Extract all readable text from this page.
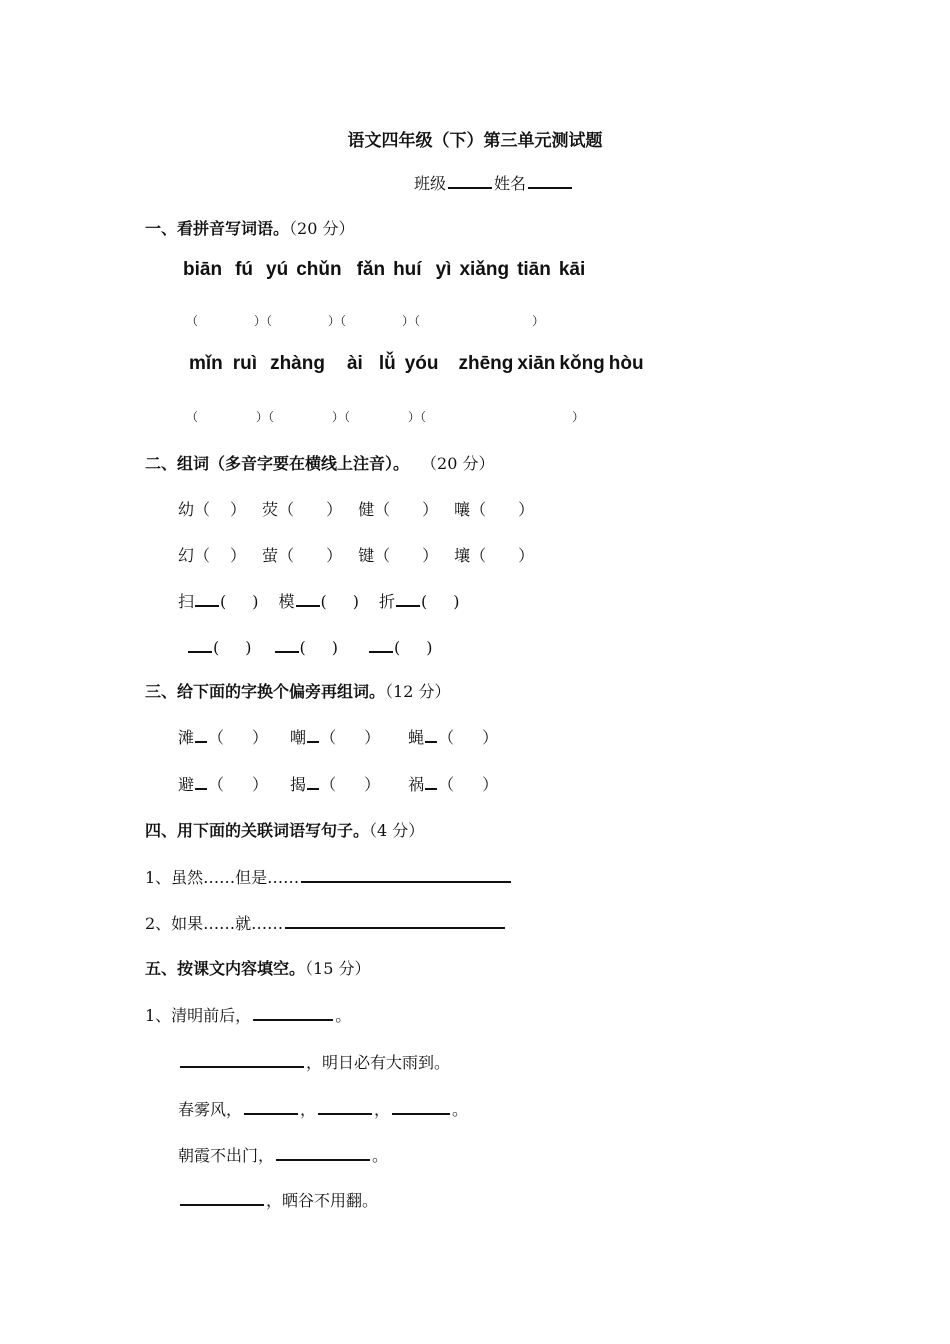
语文四年级（下）第三单元测试题
班级	姓名
一、看拼音写词语。（20 分）
biān fú yú chǔn fǎn huí yì xiǎng tiān kāi
（	）（	）（	）（	）
mǐn ruì zhàng ài lǚ yóu zhēng xiān kǒng hòu
（	）（	）（	）（	）
二、组词（多音字要在横线上注音）。 （20 分）
幼（ ） 荧（ ） 健（ ） 嚷（ ）
幻（ ） 萤（ ） 键（ ） 壤（ ）
扫 ( ) 模 ( ) 折 ( )
( )	( )	( )
三、给下面的字换个偏旁再组词。（12 分）
滩 （ ） 嘲 （ ） 蝇 （ ）
避 （ ） 揭 （ ） 祸 （ ）
四、用下面的关联词语写句子。（4 分）
1、虽然……但是……
2、如果……就……
五、按课文内容填空。（15 分）
1、清明前后，	。
，明日必有大雨到。
春雾风，	，	，	。
朝霞不出门，	。
，晒谷不用翻。
